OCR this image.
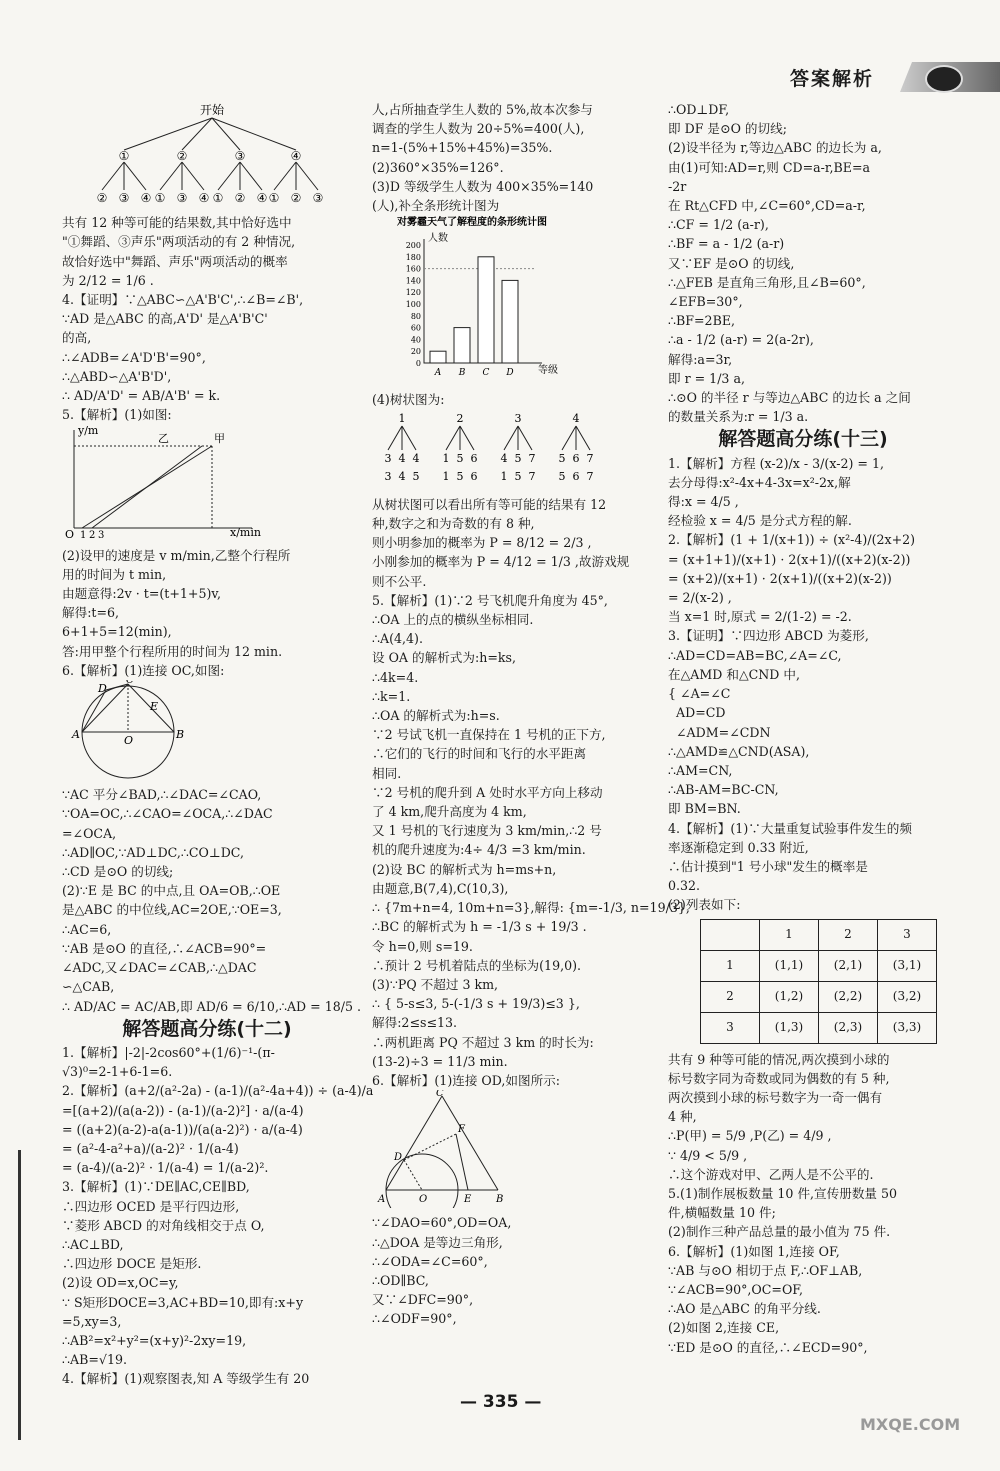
答案解析
开始
①	②	③	④
② ③ ④ ① ③ ④ ① ② ④ ① ② ③

共有 12 种等可能的结果数,其中恰好选中

"①舞蹈、③声乐"两项活动的有 2 种情况,

故恰好选中"舞蹈、声乐"两项活动的概率

为 2/12 = 1/6 .

4.【证明】∵△ABC∽△A'B'C',∴∠B=∠B',

∵AD 是△ABC 的高,A'D' 是△A'B'C'

的高,

∴∠ADB=∠A'D'B'=90°,

∴△ABD∽△A'B'D',

∴ AD/A'D' = AB/A'B' = k.

5.【解析】(1)如图:

y/m
x/min
乙	甲
O 1 2 3

(2)设甲的速度是 v m/min,乙整个行程所

用的时间为 t min,

由题意得:2v · t=(t+1+5)v,

解得:t=6,

6+1+5=12(min),

答:用甲整个行程所用的时间为 12 min.

6.【解析】(1)连接 OC,如图:

D
C
E
A	O	B

∵AC 平分∠BAD,∴∠DAC=∠CAO,

∵OA=OC,∴∠CAO=∠OCA,∴∠DAC

=∠OCA,

∴AD∥OC,∵AD⊥DC,∴CO⊥DC,

∴CD 是⊙O 的切线;

(2)∵E 是 BC 的中点,且 OA=OB,∴OE

是△ABC 的中位线,AC=2OE,∵OE=3,

∴AC=6,

∵AB 是⊙O 的直径,∴∠ACB=90°=

∠ADC,又∠DAC=∠CAB,∴△DAC

∽△CAB,

∴ AD/AC = AC/AB,即 AD/6 = 6/10,∴AD = 18/5 .

解答题高分练(十二)

1.【解析】|-2|-2cos60°+(1/6)⁻¹-(π-

√3)⁰=2-1+6-1=6.

2.【解析】(a+2/(a²-2a) - (a-1)/(a²-4a+4)) ÷ (a-4)/a

=[(a+2)/(a(a-2)) - (a-1)/(a-2)²] · a/(a-4)

= ((a+2)(a-2)-a(a-1))/(a(a-2)²) · a/(a-4)

= (a²-4-a²+a)/(a-2)² · 1/(a-4)

= (a-4)/(a-2)² · 1/(a-4) = 1/(a-2)².

3.【解析】(1)∵DE∥AC,CE∥BD,

∴四边形 OCED 是平行四边形,

∵菱形 ABCD 的对角线相交于点 O,

∴AC⊥BD,

∴四边形 DOCE 是矩形.

(2)设 OD=x,OC=y,

∵ S矩形DOCE=3,AC+BD=10,即有:x+y

=5,xy=3,

∴AB²=x²+y²=(x+y)²-2xy=19,

∴AB=√19.

4.【解析】(1)观察图表,知 A 等级学生有 20

人,占所抽查学生人数的 5%,故本次参与

调查的学生人数为 20÷5%=400(人),

n=1-(5%+15%+45%)=35%.

(2)360°×35%=126°.

(3)D 等级学生人数为 400×35%=140

(人),补全条形统计图为

对雾霾天气了解程度的条形统计图
人数
等级
0
20
40
60
80
100
120
140
160
180
200
A B C D

(4)树状图为:

1
3
3
4
4
4
5
2
1
1
5
5
6
6
3
4
1
5
5
7
7
4
5
5
6
6
7
7

从树状图可以看出所有等可能的结果有 12

种,数字之和为奇数的有 8 种,

则小明参加的概率为 P = 8/12 = 2/3 ,

小刚参加的概率为 P = 4/12 = 1/3 ,故游戏规

则不公平.

5.【解析】(1)∵2 号飞机爬升角度为 45°,

∴OA 上的点的横纵坐标相同.

∴A(4,4).

设 OA 的解析式为:h=ks,

∴4k=4.

∴k=1.

∴OA 的解析式为:h=s.

∵2 号试飞机一直保持在 1 号机的正下方,

∴它们的飞行的时间和飞行的水平距离

相同.

∵2 号机的爬升到 A 处时水平方向上移动

了 4 km,爬升高度为 4 km,

又 1 号机的飞行速度为 3 km/min,∴2 号

机的爬升速度为:4÷ 4/3 =3 km/min.

(2)设 BC 的解析式为 h=ms+n,

由题意,B(7,4),C(10,3),

∴ {7m+n=4, 10m+n=3},解得: {m=-1/3, n=19/3},

∴BC 的解析式为 h = -1/3 s + 19/3 .

令 h=0,则 s=19.

∴预计 2 号机着陆点的坐标为(19,0).

(3)∵PQ 不超过 3 km,

∴ { 5-s≤3, 5-(-1/3 s + 19/3)≤3 },

解得:2≤s≤13.

∴两机距离 PQ 不超过 3 km 的时长为:

(13-2)÷3 = 11/3 min.

6.【解析】(1)连接 OD,如图所示:

C
F
D
A	O	E B

∵∠DAO=60°,OD=OA,

∴△DOA 是等边三角形,

∴∠ODA=∠C=60°,

∴OD∥BC,

又∵∠DFC=90°,

∴∠ODF=90°,

∴OD⊥DF,

即 DF 是⊙O 的切线;

(2)设半径为 r,等边△ABC 的边长为 a,

由(1)可知:AD=r,则 CD=a-r,BE=a

-2r

在 Rt△CFD 中,∠C=60°,CD=a-r,

∴CF = 1/2 (a-r),

∴BF = a - 1/2 (a-r)

又∵EF 是⊙O 的切线,

∴△FEB 是直角三角形,且∠B=60°,

∠EFB=30°,

∴BF=2BE,

∴a - 1/2 (a-r) = 2(a-2r),

解得:a=3r,

即 r = 1/3 a,

∴⊙O 的半径 r 与等边△ABC 的边长 a 之间

的数量关系为:r = 1/3 a.

解答题高分练(十三)

1.【解析】方程 (x-2)/x - 3/(x-2) = 1,

去分母得:x²-4x+4-3x=x²-2x,解

得:x = 4/5 ,

经检验 x = 4/5 是分式方程的解.

2.【解析】(1 + 1/(x+1)) ÷ (x²-4)/(2x+2)

= (x+1+1)/(x+1) · 2(x+1)/((x+2)(x-2))

= (x+2)/(x+1) · 2(x+1)/((x+2)(x-2))

= 2/(x-2) ,

当 x=1 时,原式 = 2/(1-2) = -2.

3.【证明】∵四边形 ABCD 为菱形,

∴AD=CD=AB=BC,∠A=∠C,

在△AMD 和△CND 中,

{ ∠A=∠C

AD=CD

∠ADM=∠CDN

∴△AMD≌△CND(ASA),

∴AM=CN,

∴AB-AM=BC-CN,

即 BM=BN.

4.【解析】(1)∵大量重复试验事件发生的频

率逐渐稳定到 0.33 附近,

∴估计摸到"1 号小球"发生的概率是

0.32.

(2)列表如下:

	1	2	3
1	(1,1)	(2,1)	(3,1)
2	(1,2)	(2,2)	(3,2)
3	(1,3)	(2,3)	(3,3)

共有 9 种等可能的情况,两次摸到小球的

标号数字同为奇数或同为偶数的有 5 种,

两次摸到小球的标号数字为一奇一偶有

4 种,

∴P(甲) = 5/9 ,P(乙) = 4/9 ,

∵ 4/9 < 5/9 ,

∴这个游戏对甲、乙两人是不公平的.

5.(1)制作展板数量 10 件,宣传册数量 50

件,横幅数量 10 件;

(2)制作三种产品总量的最小值为 75 件.

6.【解析】(1)如图 1,连接 OF,

∵AB 与⊙O 相切于点 F,∴OF⊥AB,

∵∠ACB=90°,OC=OF,

∴AO 是△ABC 的角平分线.

(2)如图 2,连接 CE,

∵ED 是⊙O 的直径,∴∠ECD=90°,

— 335 —
MXQE.COM
